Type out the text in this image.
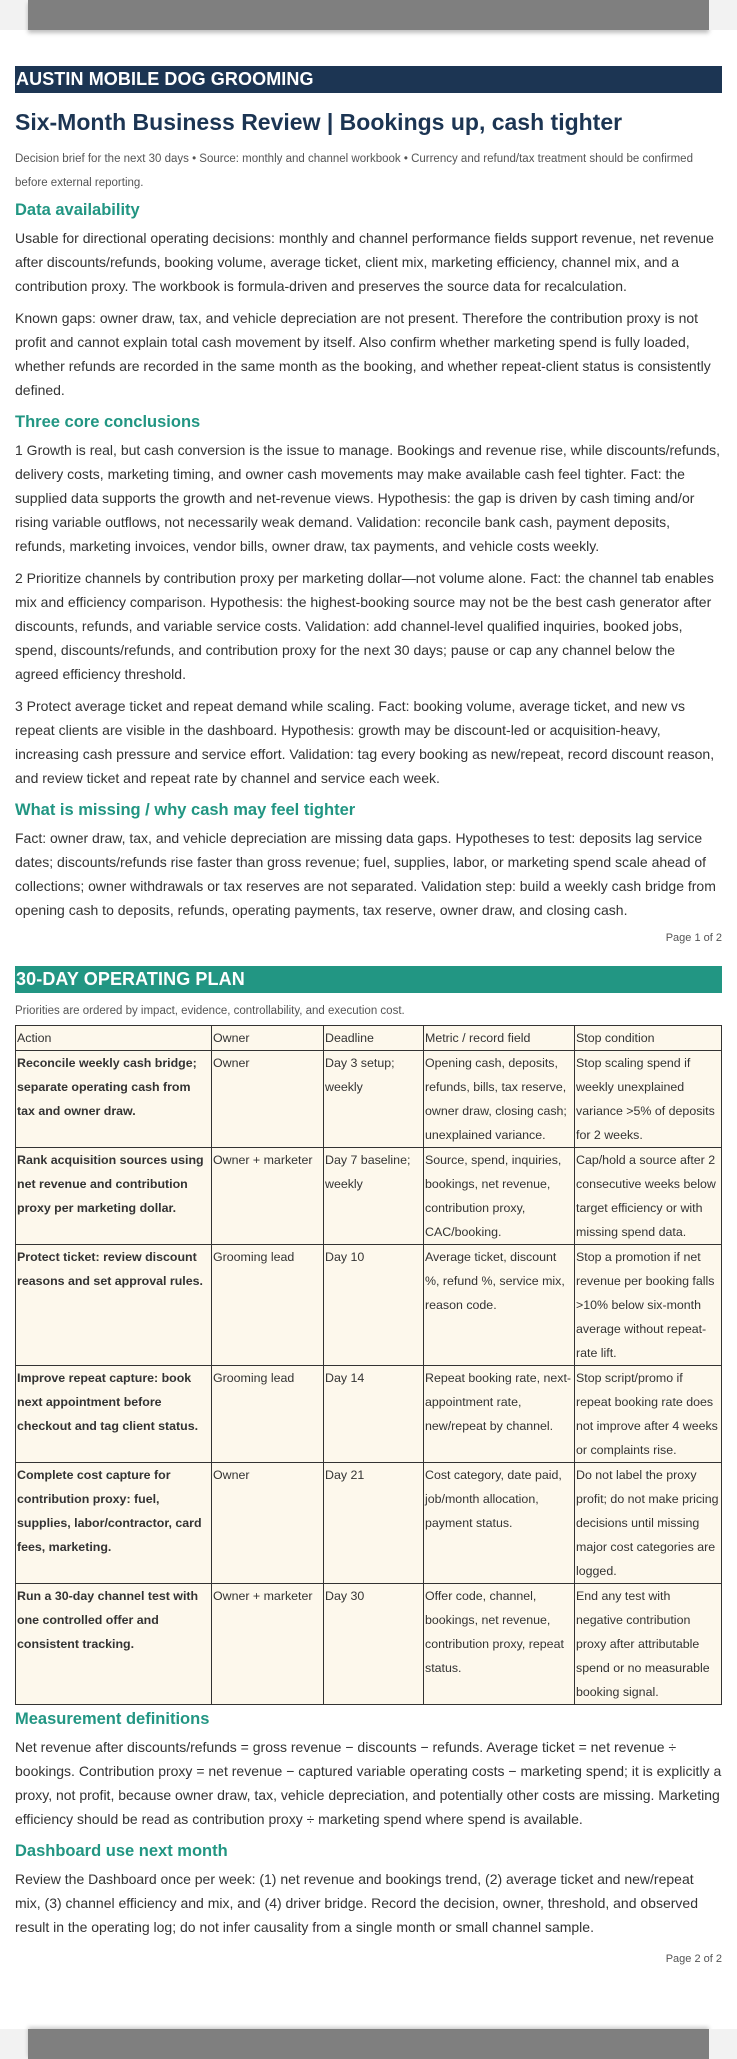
AUSTIN MOBILE DOG GROOMING
Six-Month Business Review | Bookings up, cash tighter
Decision brief for the next 30 days • Source: monthly and channel workbook • Currency and refund/tax treatment should be confirmed before external reporting.
Data availability

Usable for directional operating decisions: monthly and channel performance fields support revenue, net revenue after discounts/refunds, booking volume, average ticket, client mix, marketing efficiency, channel mix, and a contribution proxy. The workbook is formula-driven and preserves the source data for recalculation.

Known gaps: owner draw, tax, and vehicle depreciation are not present. Therefore the contribution proxy is not profit and cannot explain total cash movement by itself. Also confirm whether marketing spend is fully loaded, whether refunds are recorded in the same month as the booking, and whether repeat-client status is consistently defined.

Three core conclusions

1 Growth is real, but cash conversion is the issue to manage. Bookings and revenue rise, while discounts/refunds, delivery costs, marketing timing, and owner cash movements may make available cash feel tighter. Fact: the supplied data supports the growth and net-revenue views. Hypothesis: the gap is driven by cash timing and/or rising variable outflows, not necessarily weak demand. Validation: reconcile bank cash, payment deposits, refunds, marketing invoices, vendor bills, owner draw, tax payments, and vehicle costs weekly.

2 Prioritize channels by contribution proxy per marketing dollar—not volume alone. Fact: the channel tab enables mix and efficiency comparison. Hypothesis: the highest-booking source may not be the best cash generator after discounts, refunds, and variable service costs. Validation: add channel-level qualified inquiries, booked jobs, spend, discounts/refunds, and contribution proxy for the next 30 days; pause or cap any channel below the agreed efficiency threshold.

3 Protect average ticket and repeat demand while scaling. Fact: booking volume, average ticket, and new vs repeat clients are visible in the dashboard. Hypothesis: growth may be discount-led or acquisition-heavy, increasing cash pressure and service effort. Validation: tag every booking as new/repeat, record discount reason, and review ticket and repeat rate by channel and service each week.

What is missing / why cash may feel tighter

Fact: owner draw, tax, and vehicle depreciation are missing data gaps. Hypotheses to test: deposits lag service dates; discounts/refunds rise faster than gross revenue; fuel, supplies, labor, or marketing spend scale ahead of collections; owner withdrawals or tax reserves are not separated. Validation step: build a weekly cash bridge from opening cash to deposits, refunds, operating payments, tax reserve, owner draw, and closing cash.

Page 1 of 2
30-DAY OPERATING PLAN
Priorities are ordered by impact, evidence, controllability, and execution cost.
Action	Owner	Deadline	Metric / record field	Stop condition
Reconcile weekly cash bridge; separate operating cash from tax and owner draw.	Owner	Day 3 setup; weekly	Opening cash, deposits, refunds, bills, tax reserve, owner draw, closing cash; unexplained variance.	Stop scaling spend if weekly unexplained variance >5% of deposits for 2 weeks.
Rank acquisition sources using net revenue and contribution proxy per marketing dollar.	Owner + marketer	Day 7 baseline; weekly	Source, spend, inquiries, bookings, net revenue, contribution proxy, CAC/booking.	Cap/hold a source after 2 consecutive weeks below target efficiency or with missing spend data.
Protect ticket: review discount reasons and set approval rules.	Grooming lead	Day 10	Average ticket, discount %, refund %, service mix, reason code.	Stop a promotion if net revenue per booking falls >10% below six-month average without repeat-rate lift.
Improve repeat capture: book next appointment before checkout and tag client status.	Grooming lead	Day 14	Repeat booking rate, next-appointment rate, new/repeat by channel.	Stop script/promo if repeat booking rate does not improve after 4 weeks or complaints rise.
Complete cost capture for contribution proxy: fuel, supplies, labor/contractor, card fees, marketing.	Owner	Day 21	Cost category, date paid, job/month allocation, payment status.	Do not label the proxy profit; do not make pricing decisions until missing major cost categories are logged.
Run a 30-day channel test with one controlled offer and consistent tracking.	Owner + marketer	Day 30	Offer code, channel, bookings, net revenue, contribution proxy, repeat status.	End any test with negative contribution proxy after attributable spend or no measurable booking signal.
Measurement definitions

Net revenue after discounts/refunds = gross revenue − discounts − refunds. Average ticket = net revenue ÷ bookings. Contribution proxy = net revenue − captured variable operating costs − marketing spend; it is explicitly a proxy, not profit, because owner draw, tax, vehicle depreciation, and potentially other costs are missing. Marketing efficiency should be read as contribution proxy ÷ marketing spend where spend is available.

Dashboard use next month

Review the Dashboard once per week: (1) net revenue and bookings trend, (2) average ticket and new/repeat mix, (3) channel efficiency and mix, and (4) driver bridge. Record the decision, owner, threshold, and observed result in the operating log; do not infer causality from a single month or small channel sample.

Page 2 of 2
